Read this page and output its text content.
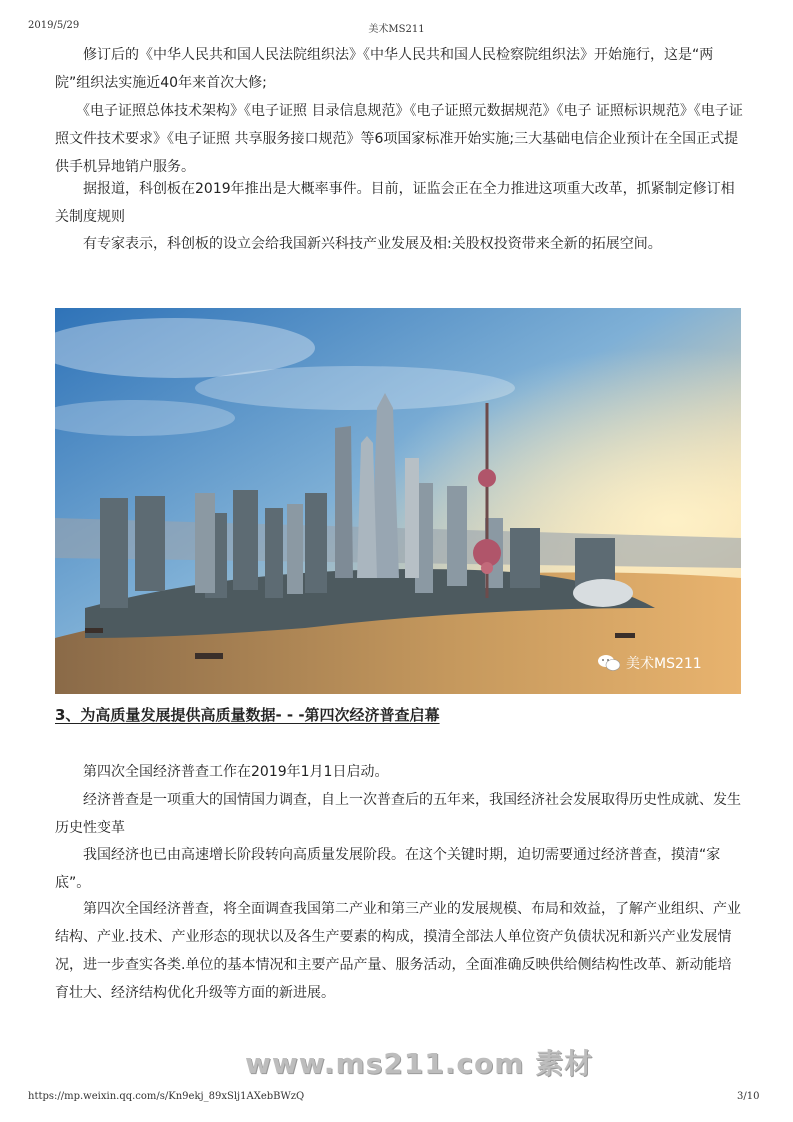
2019/5/29	美术MS211

　　修订后的《中华人民共和国人民法院组织法》《中华人民共和国人民检察院组织法》开始施行，这是“两院”组织法实施近40年来首次大修;

　　《电子证照总体技术架构》《电子证照 目录信息规范》《电子证照元数据规范》《电子 证照标识规范》《电子证照文件技术要求》《电子证照 共享服务接口规范》等6项国家标准开始实施;三大基础电信企业预计在全国正式提供手机异地销户服务。

　　据报道，科创板在2019年推出是大概率事件。目前，证监会正在全力推进这项重大改革，抓紧制定修订相关制度规则

　　有专家表示，科创板的设立会给我国新兴科技产业发展及相:关股权投资带来全新的拓展空间。

美术MS211
3、为高质量发展提供高质量数据- - -第四次经济普查启幕

　　第四次全国经济普查工作在2019年1月1日启动。

　　经济普查是一项重大的国情国力调查，自上一次普查后的五年来，我国经济社会发展取得历史性成就、发生历史性变革

　　我国经济也已由高速增长阶段转向高质量发展阶段。在这个关键时期，迫切需要通过经济普查，摸清“家底”。

　　第四次全国经济普查，将全面调查我国第二产业和第三产业的发展规模、布局和效益，了解产业组织、产业结构、产业.技术、产业形态的现状以及各生产要素的构成，摸清全部法人单位资产负债状况和新兴产业发展情况，进一步查实各类.单位的基本情况和主要产品产量、服务活动，全面准确反映供给侧结构性改革、新动能培育壮大、经济结构优化升级等方面的新进展。

www.ms211.com 素材
https://mp.weixin.qq.com/s/Kn9ekj_89xSlj1AXebBWzQ	3/10
